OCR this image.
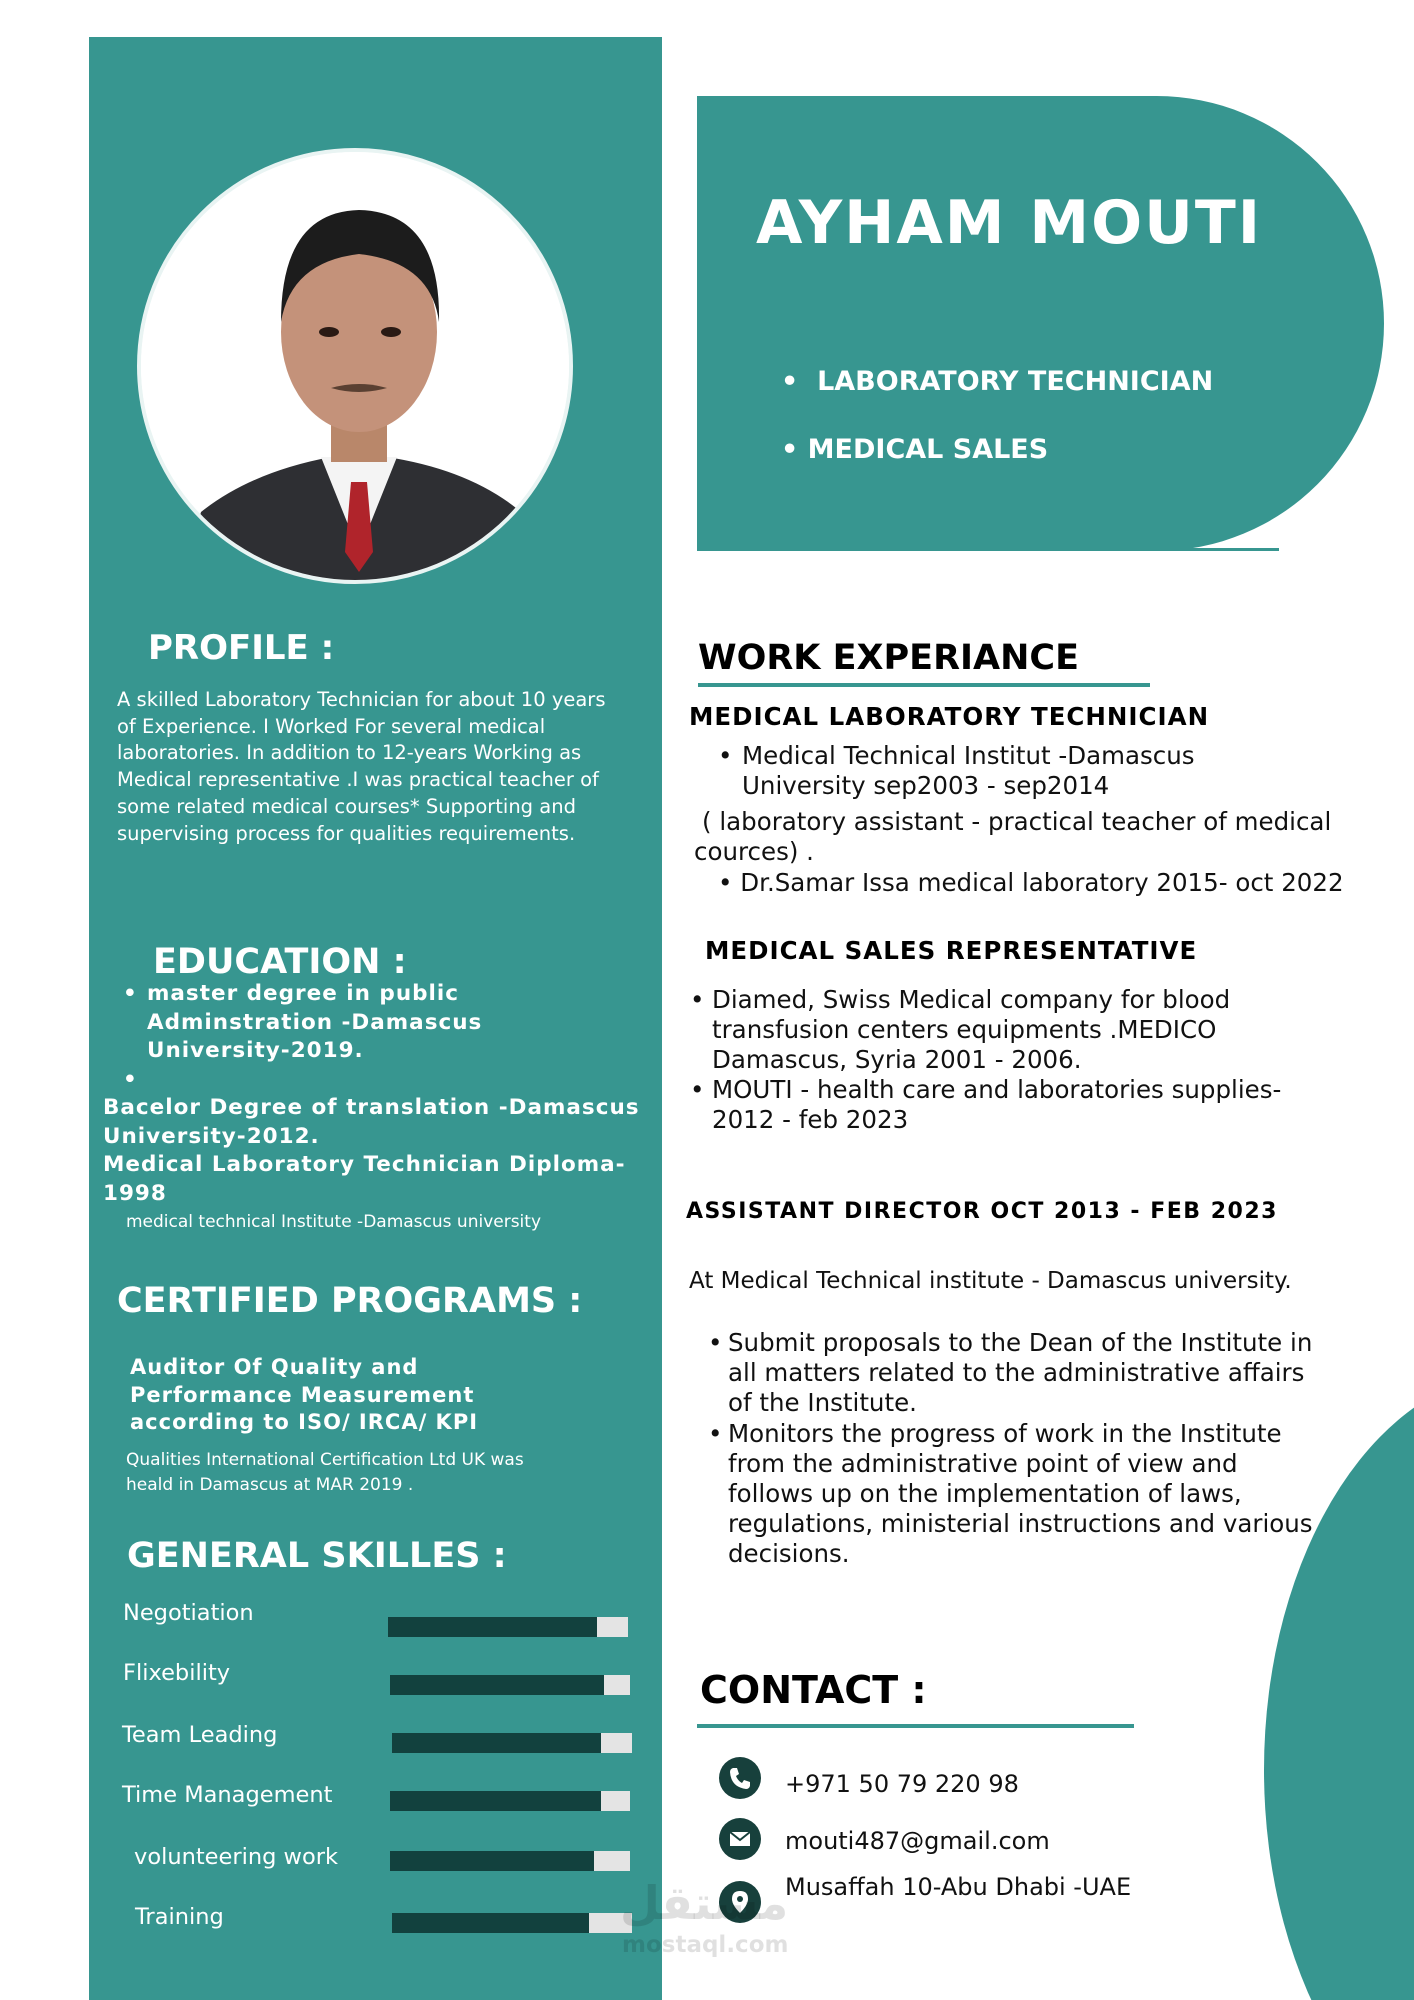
PROFILE :
A skilled Laboratory Technician for about 10 years of Experience. I Worked For several medical laboratories. In addition to 12-years Working as Medical representative .I was practical teacher of some related medical courses* Supporting and supervising process for qualities requirements.
EDUCATION :
• master degree in public Adminstration -Damascus University-2019.
•
Bacelor Degree of translation -Damascus University-2012.
Medical Laboratory Technician Diploma-1998
medical technical Institute -Damascus university
CERTIFIED PROGRAMS :
Auditor Of Quality and Performance Measurement according to ISO/ IRCA/ KPI
Qualities International Certification Ltd UK was heald in Damascus at MAR 2019 .
GENERAL SKILLES :
Negotiation
Flixebility
Team Leading
Time Management
volunteering work
Training
AYHAM MOUTI
•  LABORATORY TECHNICIAN
• MEDICAL SALES
WORK EXPERIANCE
MEDICAL LABORATORY TECHNICIAN
• Medical Technical Institut -Damascus University sep2003 - sep2014
( laboratory assistant - practical teacher of medical cources) .
• Dr.Samar Issa medical laboratory 2015- oct 2022
MEDICAL SALES REPRESENTATIVE
• Diamed, Swiss Medical company for blood transfusion centers equipments .MEDICO Damascus, Syria 2001 - 2006.
• MOUTI - health care and laboratories supplies- 2012 - feb 2023
ASSISTANT DIRECTOR OCT 2013 - FEB 2023
At Medical Technical institute - Damascus university.
• Submit proposals to the Dean of the Institute in all matters related to the administrative affairs of the Institute.
• Monitors the progress of work in the Institute from the administrative point of view and follows up on the implementation of laws, regulations, ministerial instructions and various decisions.
CONTACT :
+971 50 79 220 98
mouti487@gmail.com
Musaffah 10-Abu Dhabi -UAE
مستقل
mostaql.com
